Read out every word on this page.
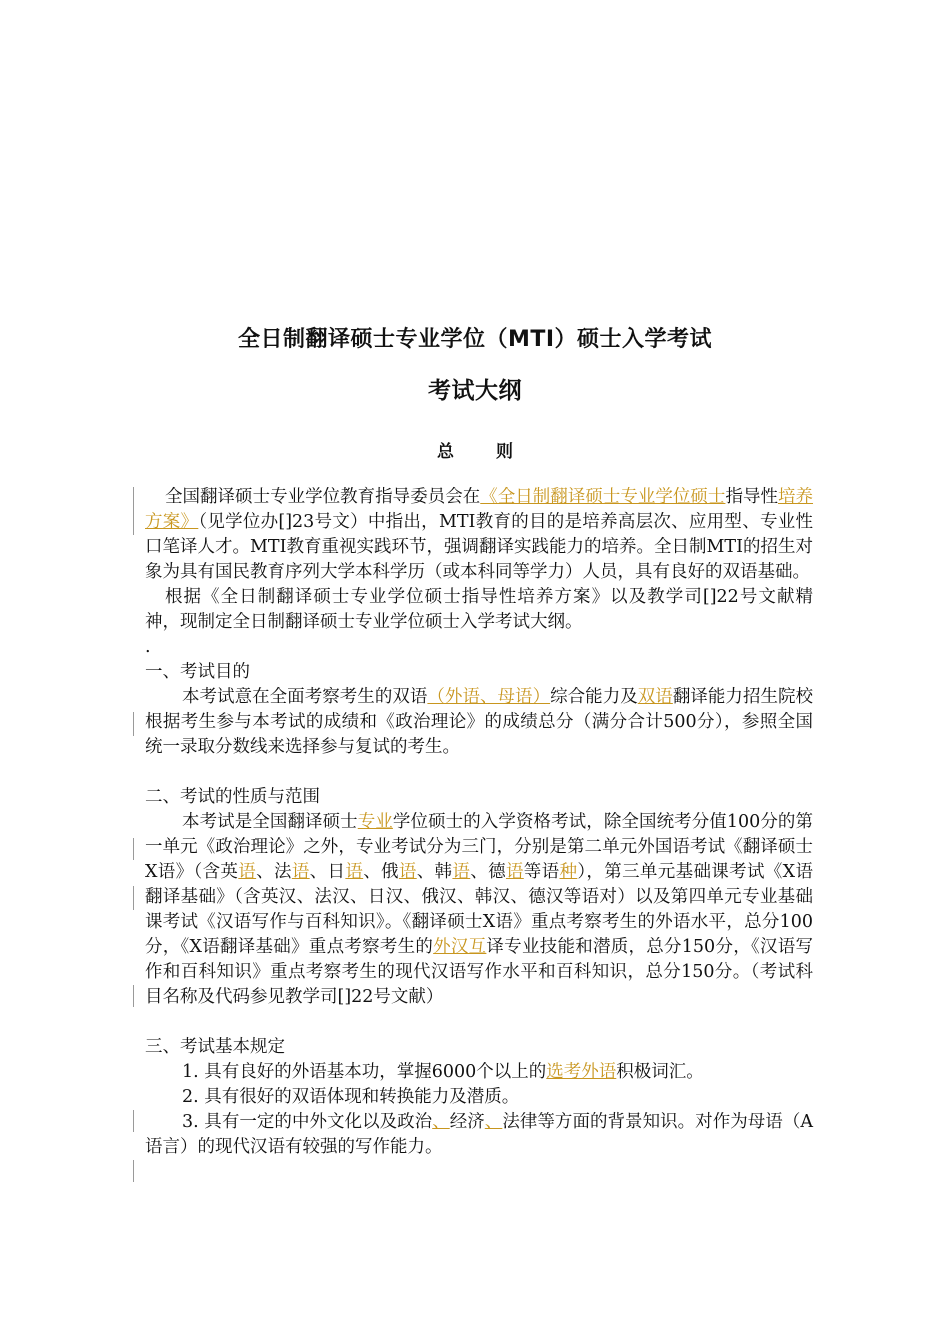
全日制翻译硕士专业学位（MTI）硕士入学考试
考试大纲
总 则

全国翻译硕士专业学位教育指导委员会在《全日制翻译硕士专业学位硕士指导性培养方案》（见学位办[]23号文）中指出，MTI教育的目的是培养高层次、应用型、专业性口笔译人才。MTI教育重视实践环节，强调翻译实践能力的培养。全日制MTI的招生对象为具有国民教育序列大学本科学历（或本科同等学力）人员，具有良好的双语基础。

根据《全日制翻译硕士专业学位硕士指导性培养方案》以及教学司[]22号文献精神，现制定全日制翻译硕士专业学位硕士入学考试大纲。

.

一、考试目的

本考试意在全面考察考生的双语（外语、母语）综合能力及双语翻译能力招生院校根据考生参与本考试的成绩和《政治理论》的成绩总分（满分合计500分），参照全国统一录取分数线来选择参与复试的考生。

二、考试的性质与范围

本考试是全国翻译硕士专业学位硕士的入学资格考试，除全国统考分值100分的第一单元《政治理论》之外，专业考试分为三门，分别是第二单元外国语考试《翻译硕士X语》（含英语、法语、日语、俄语、韩语、德语等语种），第三单元基础课考试《X语翻译基础》（含英汉、法汉、日汉、俄汉、韩汉、德汉等语对）以及第四单元专业基础课考试《汉语写作与百科知识》。《翻译硕士X语》重点考察考生的外语水平，总分100分，《X语翻译基础》重点考察考生的外汉互译专业技能和潜质，总分150分，《汉语写作和百科知识》重点考察考生的现代汉语写作水平和百科知识，总分150分。（考试科目名称及代码参见教学司[]22号文献）

三、考试基本规定

1. 具有良好的外语基本功，掌握6000个以上的选考外语积极词汇。

2. 具有很好的双语体现和转换能力及潜质。

3. 具有一定的中外文化以及政治、经济、法律等方面的背景知识。对作为母语（A语言）的现代汉语有较强的写作能力。
